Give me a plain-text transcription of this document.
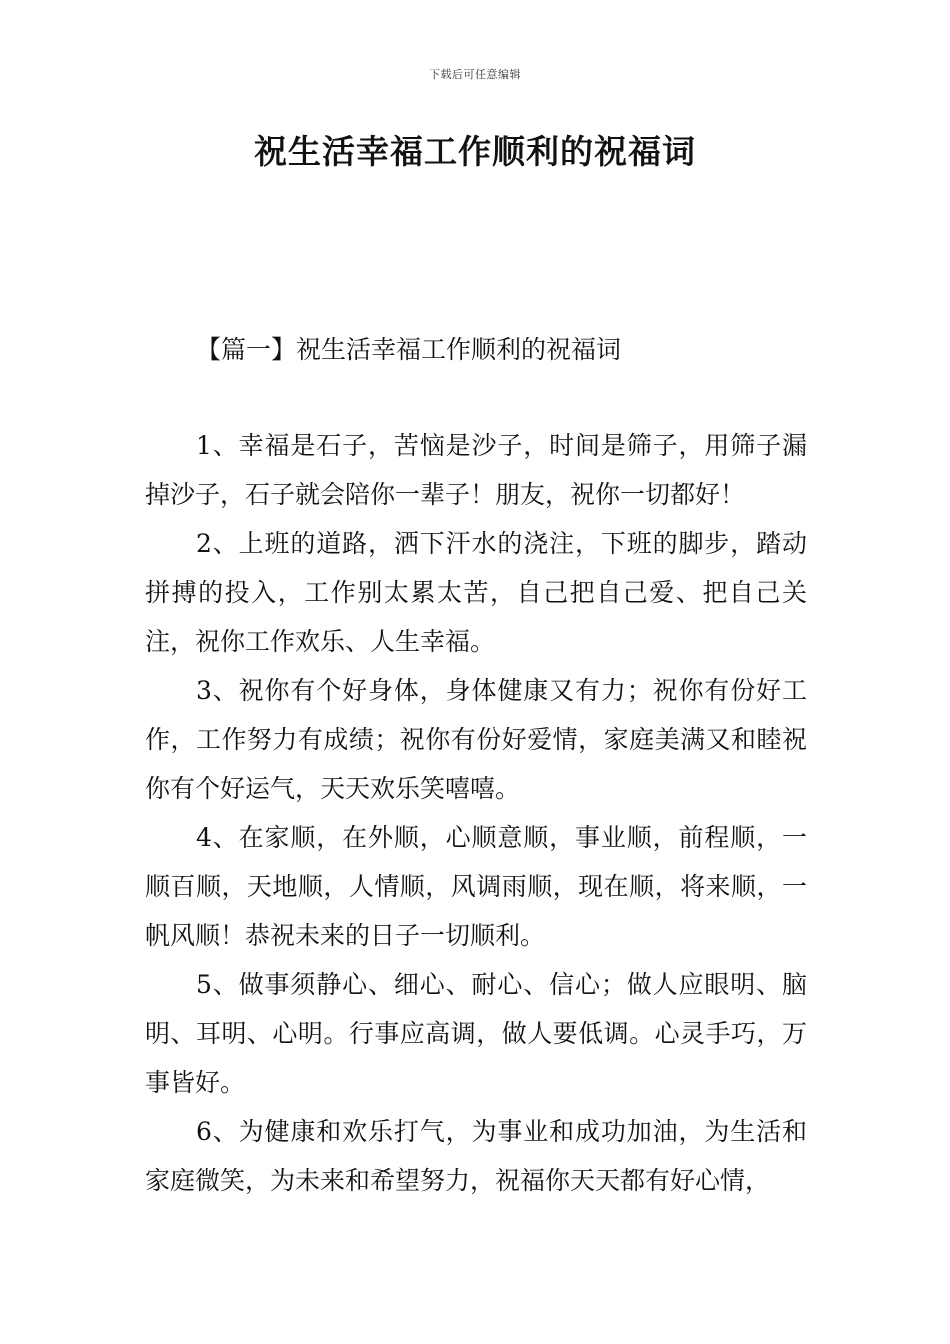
下载后可任意编辑
祝生活幸福工作顺利的祝福词
【篇一】祝生活幸福工作顺利的祝福词

1、幸福是石子，苦恼是沙子，时间是筛子，用筛子漏掉沙子，石子就会陪你一辈子！朋友，祝你一切都好！

2、上班的道路，洒下汗水的浇注，下班的脚步，踏动拼搏的投入，工作别太累太苦，自己把自己爱、把自己关注，祝你工作欢乐、人生幸福。

3、祝你有个好身体，身体健康又有力；祝你有份好工作，工作努力有成绩；祝你有份好爱情，家庭美满又和睦祝你有个好运气，天天欢乐笑嘻嘻。

4、在家顺，在外顺，心顺意顺，事业顺，前程顺，一顺百顺，天地顺，人情顺，风调雨顺，现在顺，将来顺，一帆风顺！恭祝未来的日子一切顺利。

5、做事须静心、细心、耐心、信心；做人应眼明、脑明、耳明、心明。行事应高调，做人要低调。心灵手巧，万事皆好。

6、为健康和欢乐打气，为事业和成功加油，为生活和家庭微笑，为未来和希望努力，祝福你天天都有好心情，
